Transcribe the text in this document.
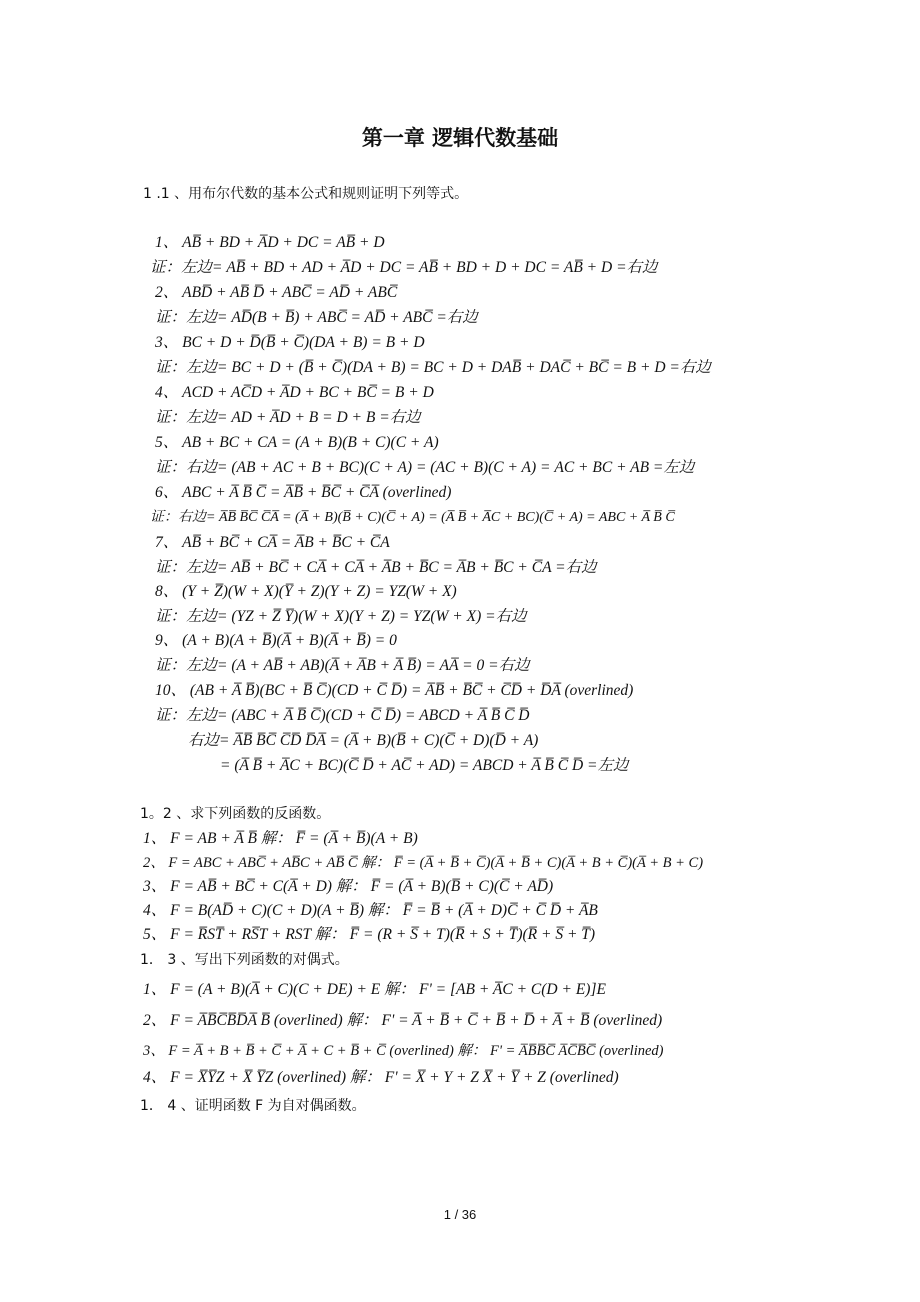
第一章 逻辑代数基础
1 .1 、用布尔代数的基本公式和规则证明下列等式。
1、 AB̅ + BD + A̅D + DC = AB̅ + D
证：左边= AB̅ + BD + AD + A̅D + DC = AB̅ + BD + D + DC = AB̅ + D =右边
2、 ABD̅ + AB̅ D̅ + ABC̅ = AD̅ + ABC̅
证：左边= AD̅(B + B̅) + ABC̅ = AD̅ + ABC̅ =右边
3、 BC + D + D̅(B̅ + C̅)(DA + B) = B + D
证：左边= BC + D + (B̅ + C̅)(DA + B) = BC + D + DAB̅ + DAC̅ + BC̅ = B + D =右边
4、 ACD + AC̅D + A̅D + BC + BC̅ = B + D
证：左边= AD + A̅D + B = D + B =右边
5、 AB + BC + CA = (A + B)(B + C)(C + A)
证：右边= (AB + AC + B + BC)(C + A) = (AC + B)(C + A) = AC + BC + AB =左边
6、 ABC + A̅ B̅ C̅ = A̅B̅ + B̅C̅ + C̅A̅ (overlined)
证：右边= A̅B̅ B̅C̅ C̅A̅ = (A̅ + B)(B̅ + C)(C̅ + A) = (A̅ B̅ + A̅C + BC)(C̅ + A) = ABC + A̅ B̅ C̅
7、 AB̅ + BC̅ + CA̅ = A̅B + B̅C + C̅A
证：左边= AB̅ + BC̅ + CA̅ + CA̅ + A̅B + B̅C = A̅B + B̅C + C̅A =右边
8、 (Y + Z̅)(W + X)(Y̅ + Z)(Y + Z) = YZ(W + X)
证：左边= (YZ + Z̅ Y̅)(W + X)(Y + Z) = YZ(W + X) =右边
9、 (A + B)(A + B̅)(A̅ + B)(A̅ + B̅) = 0
证：左边= (A + AB̅ + AB)(A̅ + A̅B + A̅ B̅) = AA̅ = 0 =右边
10、 (AB + A̅ B̅)(BC + B̅ C̅)(CD + C̅ D̅) = A̅B̅ + B̅C̅ + C̅D̅ + D̅A̅ (overlined)
证：左边= (ABC + A̅ B̅ C̅)(CD + C̅ D̅) = ABCD + A̅ B̅ C̅ D̅
右边= A̅B̅ B̅C̅ C̅D̅ D̅A̅ = (A̅ + B)(B̅ + C)(C̅ + D)(D̅ + A)
= (A̅ B̅ + A̅C + BC)(C̅ D̅ + AC̅ + AD) = ABCD + A̅ B̅ C̅ D̅ =左边
1。2 、求下列函数的反函数。
1、 F = AB + A̅ B̅ 解： F̅ = (A̅ + B̅)(A + B)
2、 F = ABC + ABC̅ + AB̅C + AB̅ C̅ 解： F̅ = (A̅ + B̅ + C̅)(A̅ + B̅ + C)(A̅ + B + C̅)(A̅ + B + C)
3、 F = AB̅ + BC̅ + C(A̅ + D) 解： F̅ = (A̅ + B)(B̅ + C)(C̅ + AD̅)
4、 F = B(AD̅ + C)(C + D)(A + B̅) 解： F̅ = B̅ + (A̅ + D)C̅ + C̅ D̅ + A̅B
5、 F = R̅ST̅ + RS̅T + RST 解： F̅ = (R + S̅ + T)(R̅ + S + T̅)(R̅ + S̅ + T̅)
1． 3 、写出下列函数的对偶式。
1、 F = (A + B)(A̅ + C)(C + DE) + E 解： F' = [AB + A̅C + C(D + E)]E
2、 F = A̅B̅C̅B̅D̅A̅ B̅ (overlined) 解： F' = A̅ + B̅ + C̅ + B̅ + D̅ + A̅ + B̅ (overlined)
3、 F = A̅ + B + B̅ + C̅ + A̅ + C + B̅ + C̅ (overlined) 解： F' = A̅B̅B̅C̅ A̅C̅B̅C̅ (overlined)
4、 F = X̅Y̅Z + X̅ Y̅Z (overlined) 解： F' = X̅ + Y + Z X̅ + Y̅ + Z (overlined)
1． 4 、证明函数 F 为自对偶函数。
1 / 36
